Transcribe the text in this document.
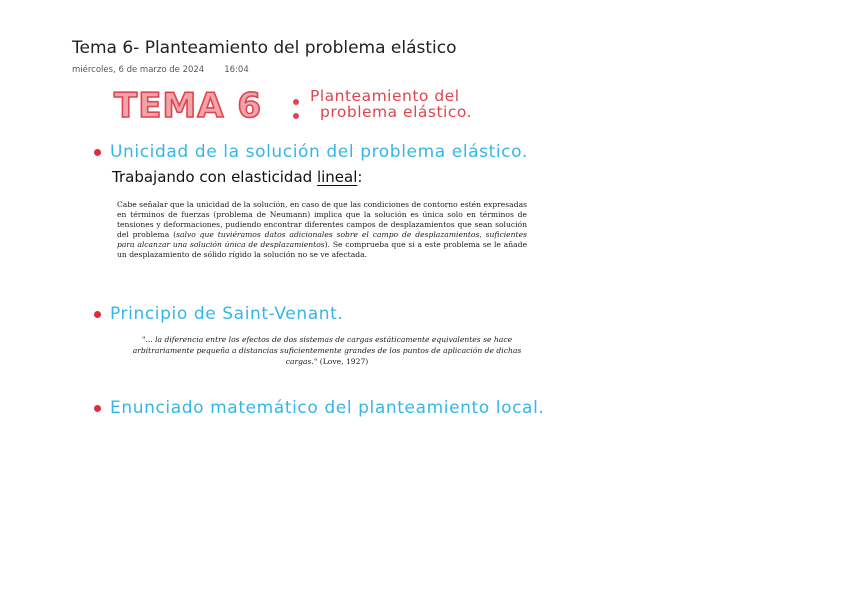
Tema 6- Planteamiento del problema elástico
miércoles, 6 de marzo de 2024 16:04
TEMA 6	Planteamiento del
problema elástico.
Unicidad de la solución del problema elástico.
Trabajando con elasticidad lineal:
Cabe señalar que la unicidad de la solución, en caso de que las condiciones de contorno estén expresadas en términos de fuerzas (problema de Neumann) implica que la solución es única solo en términos de tensiones y deformaciones, pudiendo encontrar diferentes campos de desplazamientos que sean solución del problema (salvo que tuviéramos datos adicionales sobre el campo de desplazamientos, suficientes para alcanzar una solución única de desplazamientos). Se comprueba que si a este problema se le añade un desplazamiento de sólido rígido la solución no se ve afectada.
Principio de Saint-Venant.
"... la diferencia entre los efectos de dos sistemas de cargas estáticamente equivalentes se hace arbitrariamente pequeña a distancias suficientemente grandes de los puntos de aplicación de dichas cargas." (Love, 1927)
Enunciado matemático del planteamiento local.
